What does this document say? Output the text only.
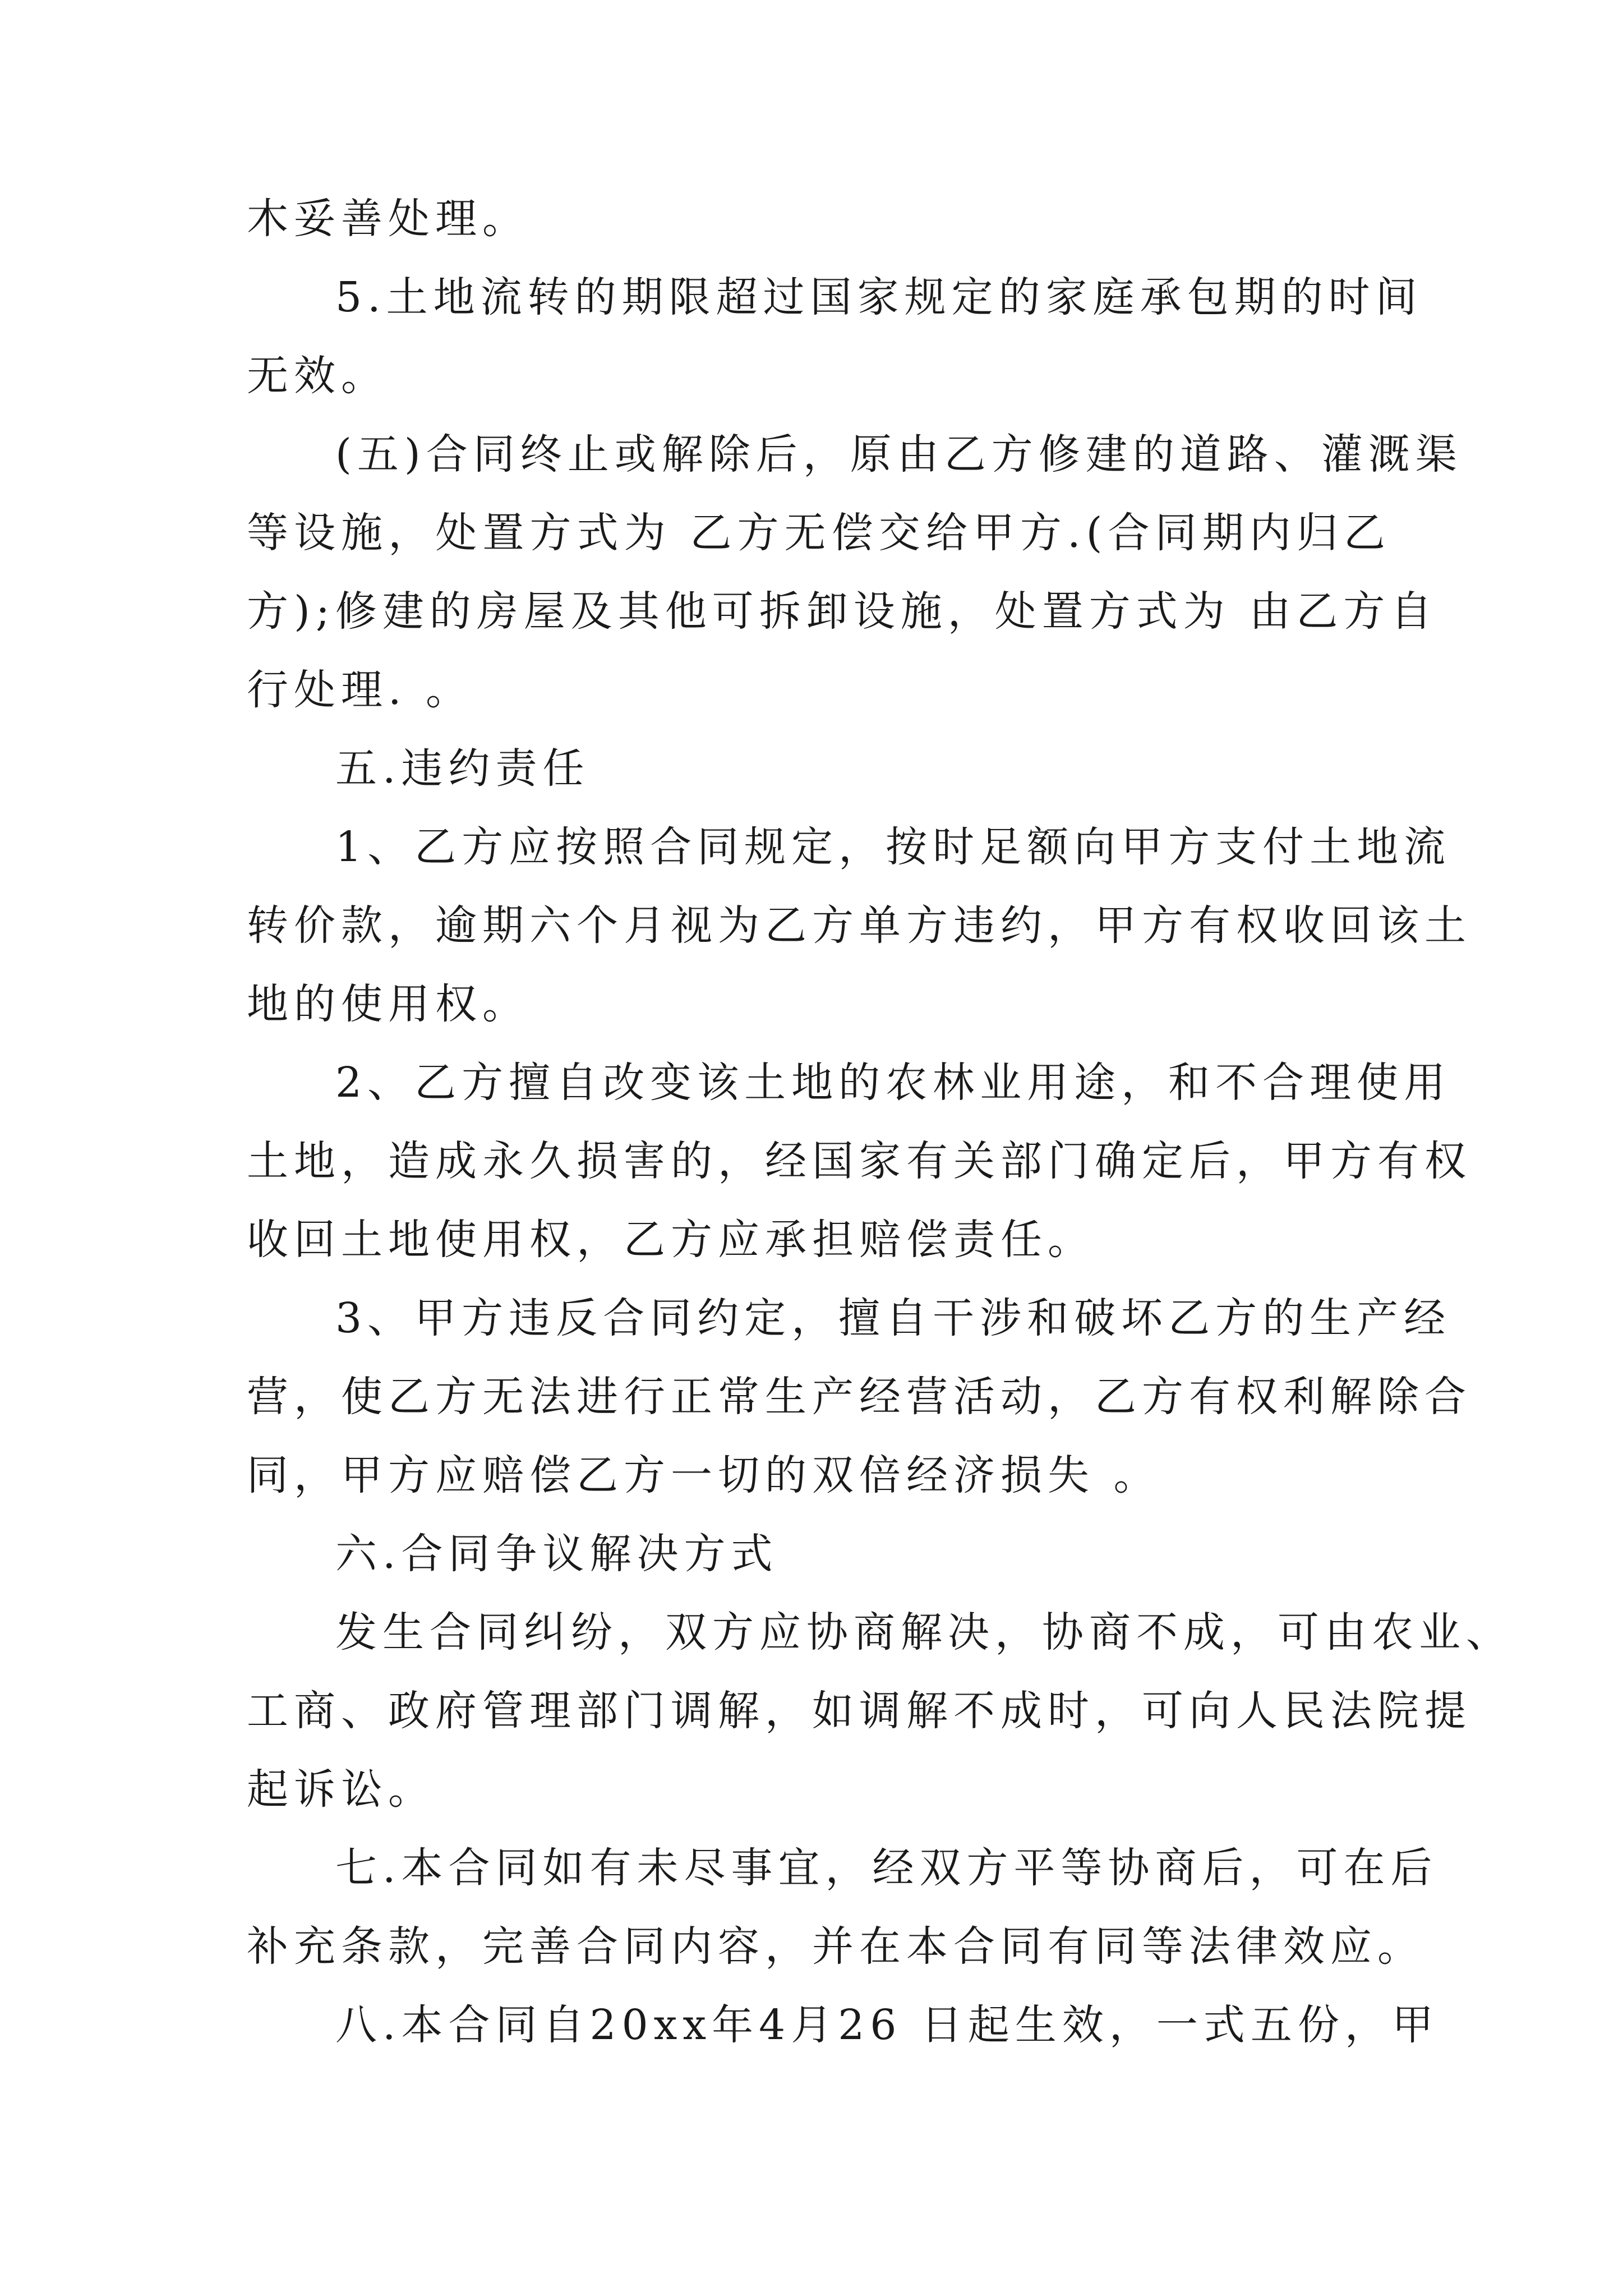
木妥善处理。
5.土地流转的期限超过国家规定的家庭承包期的时间
无效。
(五)合同终止或解除后，原由乙方修建的道路、灌溉渠
等设施，处置方式为 乙方无偿交给甲方.(合同期内归乙
方);修建的房屋及其他可拆卸设施，处置方式为 由乙方自
行处理. 。
五.违约责任
1、乙方应按照合同规定，按时足额向甲方支付土地流
转价款，逾期六个月视为乙方单方违约，甲方有权收回该土
地的使用权。
2、乙方擅自改变该土地的农林业用途，和不合理使用
土地，造成永久损害的，经国家有关部门确定后，甲方有权
收回土地使用权，乙方应承担赔偿责任。
3、甲方违反合同约定，擅自干涉和破坏乙方的生产经
营，使乙方无法进行正常生产经营活动，乙方有权利解除合
同，甲方应赔偿乙方一切的双倍经济损失 。
六.合同争议解决方式
发生合同纠纷，双方应协商解决，协商不成，可由农业、
工商、政府管理部门调解，如调解不成时，可向人民法院提
起诉讼。
七.本合同如有未尽事宜，经双方平等协商后，可在后
补充条款，完善合同内容，并在本合同有同等法律效应。
八.本合同自20xx年4月26 日起生效，一式五份，甲
